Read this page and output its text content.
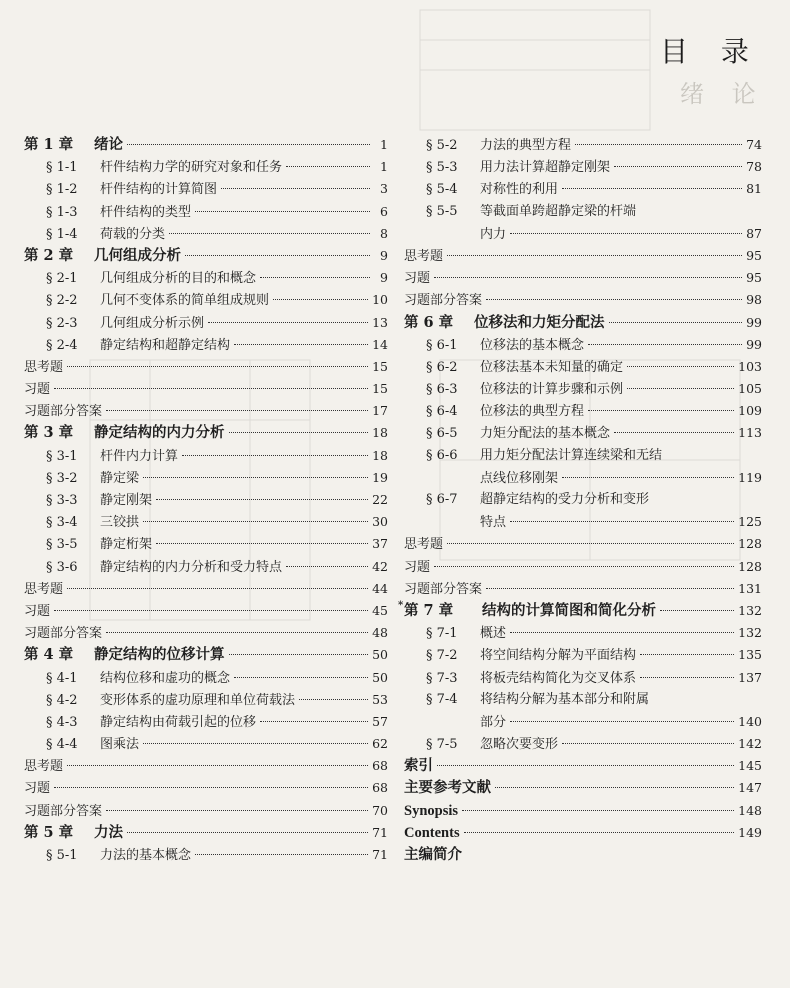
目 录
绪 论
第 1 章	绪论	1
§ 1-1	杆件结构力学的研究对象和任务	1
§ 1-2	杆件结构的计算简图	3
§ 1-3	杆件结构的类型	6
§ 1-4	荷载的分类	8
第 2 章	几何组成分析	9
§ 2-1	几何组成分析的目的和概念	9
§ 2-2	几何不变体系的简单组成规则	10
§ 2-3	几何组成分析示例	13
§ 2-4	静定结构和超静定结构	14
思考题	15
习题	15
习题部分答案	17
第 3 章	静定结构的内力分析	18
§ 3-1	杆件内力计算	18
§ 3-2	静定梁	19
§ 3-3	静定刚架	22
§ 3-4	三铰拱	30
§ 3-5	静定桁架	37
§ 3-6	静定结构的内力分析和受力特点	42
思考题	44
习题	45
习题部分答案	48
第 4 章	静定结构的位移计算	50
§ 4-1	结构位移和虚功的概念	50
§ 4-2	变形体系的虚功原理和单位荷载法	53
§ 4-3	静定结构由荷载引起的位移	57
§ 4-4	图乘法	62
思考题	68
习题	68
习题部分答案	70
第 5 章	力法	71
§ 5-1	力法的基本概念	71
§ 5-2	力法的典型方程	74
§ 5-3	用力法计算超静定刚架	78
§ 5-4	对称性的利用	81
§ 5-5	等截面单跨超静定梁的杆端
内力	87
思考题	95
习题	95
习题部分答案	98
第 6 章	位移法和力矩分配法	99
§ 6-1	位移法的基本概念	99
§ 6-2	位移法基本未知量的确定	103
§ 6-3	位移法的计算步骤和示例	105
§ 6-4	位移法的典型方程	109
§ 6-5	力矩分配法的基本概念	113
§ 6-6	用力矩分配法计算连续梁和无结
点线位移刚架	119
§ 6-7	超静定结构的受力分析和变形
特点	125
思考题	128
习题	128
习题部分答案	131
* 第 7 章	结构的计算简图和简化分析	132
§ 7-1	概述	132
§ 7-2	将空间结构分解为平面结构	135
§ 7-3	将板壳结构简化为交叉体系	137
§ 7-4	将结构分解为基本部分和附属
部分	140
§ 7-5	忽略次要变形	142
索引	145
主要参考文献	147
Synopsis	148
Contents	149
主编简介
